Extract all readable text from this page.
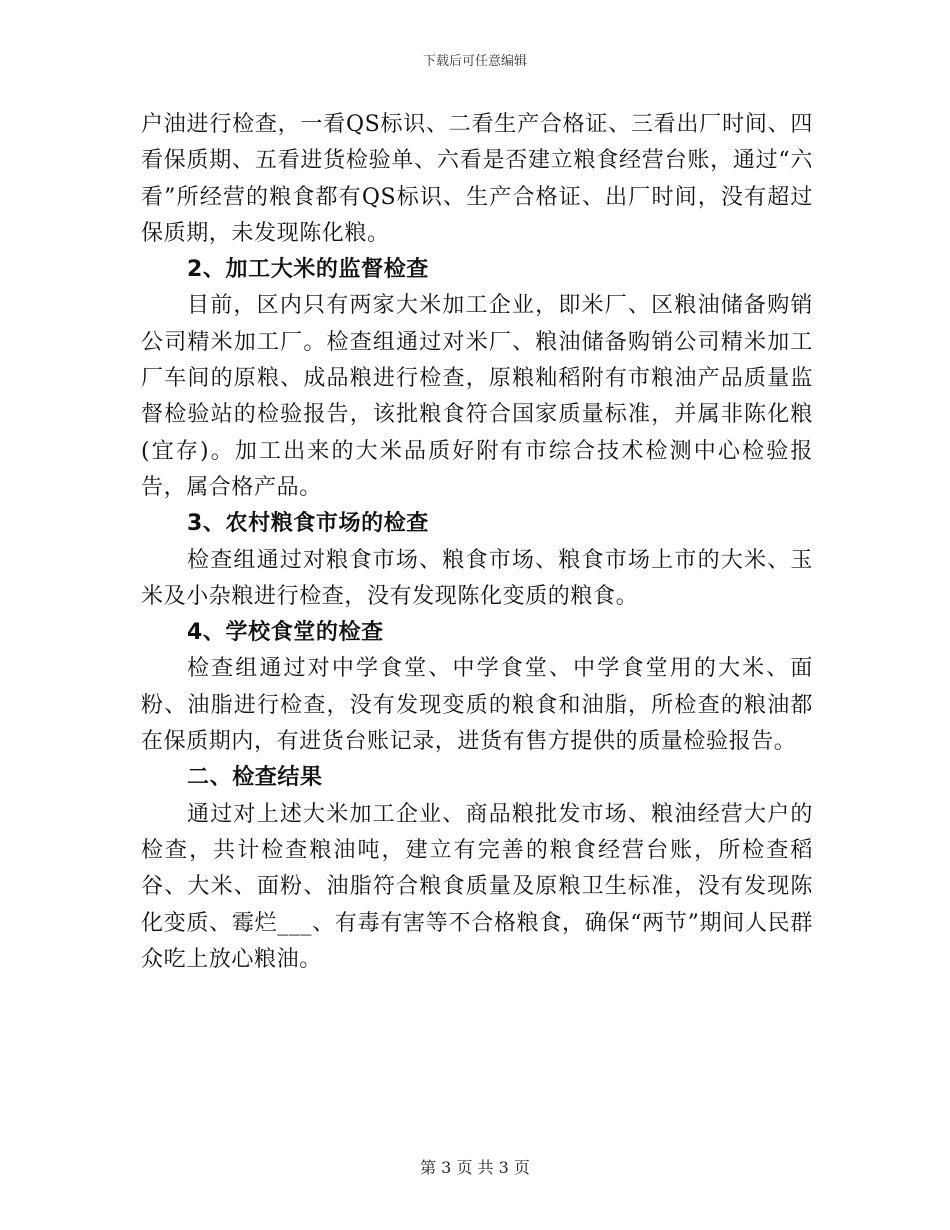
下载后可任意编辑

户油进行检查，一看QS标识、二看生产合格证、三看出厂时间、四看保质期、五看进货检验单、六看是否建立粮食经营台账，通过“六看”所经营的粮食都有QS标识、生产合格证、出厂时间，没有超过保质期，未发现陈化粮。

2、加工大米的监督检查

目前，区内只有两家大米加工企业，即米厂、区粮油储备购销公司精米加工厂。检查组通过对米厂、粮油储备购销公司精米加工厂车间的原粮、成品粮进行检查，原粮籼稻附有市粮油产品质量监督检验站的检验报告，该批粮食符合国家质量标准，并属非陈化粮(宜存)。加工出来的大米品质好附有市综合技术检测中心检验报告，属合格产品。

3、农村粮食市场的检查

检查组通过对粮食市场、粮食市场、粮食市场上市的大米、玉米及小杂粮进行检查，没有发现陈化变质的粮食。

4、学校食堂的检查

检查组通过对中学食堂、中学食堂、中学食堂用的大米、面粉、油脂进行检查，没有发现变质的粮食和油脂，所检查的粮油都在保质期内，有进货台账记录，进货有售方提供的质量检验报告。

二、检查结果

通过对上述大米加工企业、商品粮批发市场、粮油经营大户的检查，共计检查粮油吨，建立有完善的粮食经营台账，所检查稻谷、大米、面粉、油脂符合粮食质量及原粮卫生标准，没有发现陈化变质、霉烂___、有毒有害等不合格粮食，确保“两节”期间人民群众吃上放心粮油。

第 3 页 共 3 页
